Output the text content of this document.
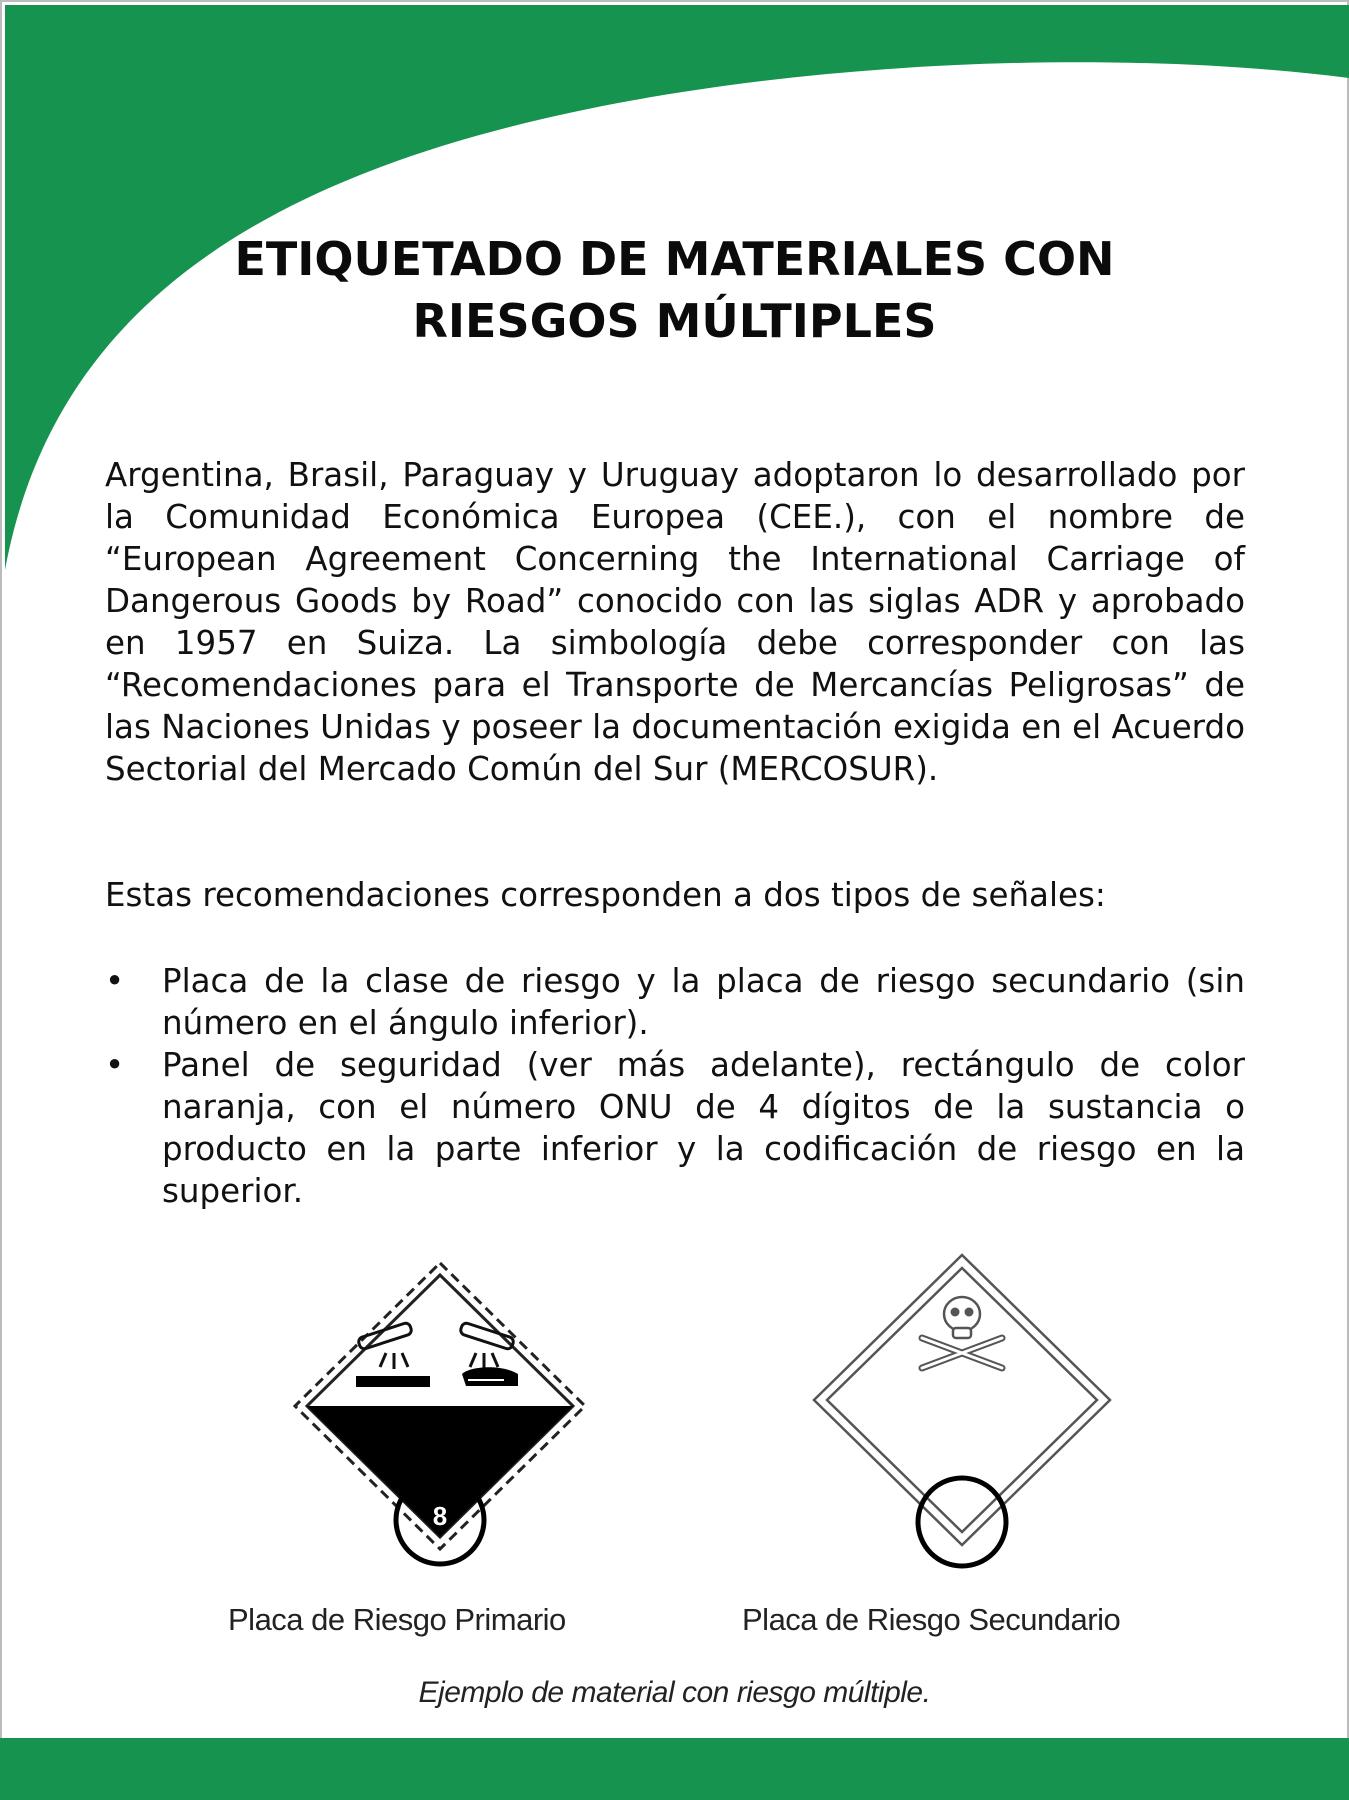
ETIQUETADO DE MATERIALES CON
RIESGOS MÚLTIPLES

Argentina, Brasil, Paraguay y Uruguay adoptaron lo desarrollado por la Comunidad Económica Europea (CEE.), con el nombre de “European Agreement Concerning the International Carriage of Dangerous Goods by Road” conocido con las siglas ADR y aprobado en 1957 en Suiza. La simbología debe corresponder con las “Recomendaciones para el Transporte de Mercancías Peligrosas” de las Naciones Unidas y poseer la documentación exigida en el Acuerdo Sectorial del Mercado Común del Sur (MERCOSUR).

Estas recomendaciones corresponden a dos tipos de señales:

• Placa de la clase de riesgo y la placa de riesgo secundario (sin número en el ángulo inferior).
• Panel de seguridad (ver más adelante), rectángulo de color naranja, con el número ONU de 4 dígitos de la sustancia o producto en la parte inferior y la codificación de riesgo en la superior.
8
Placa de Riesgo Primario	Placa de Riesgo Secundario
Ejemplo de material con riesgo múltiple.
